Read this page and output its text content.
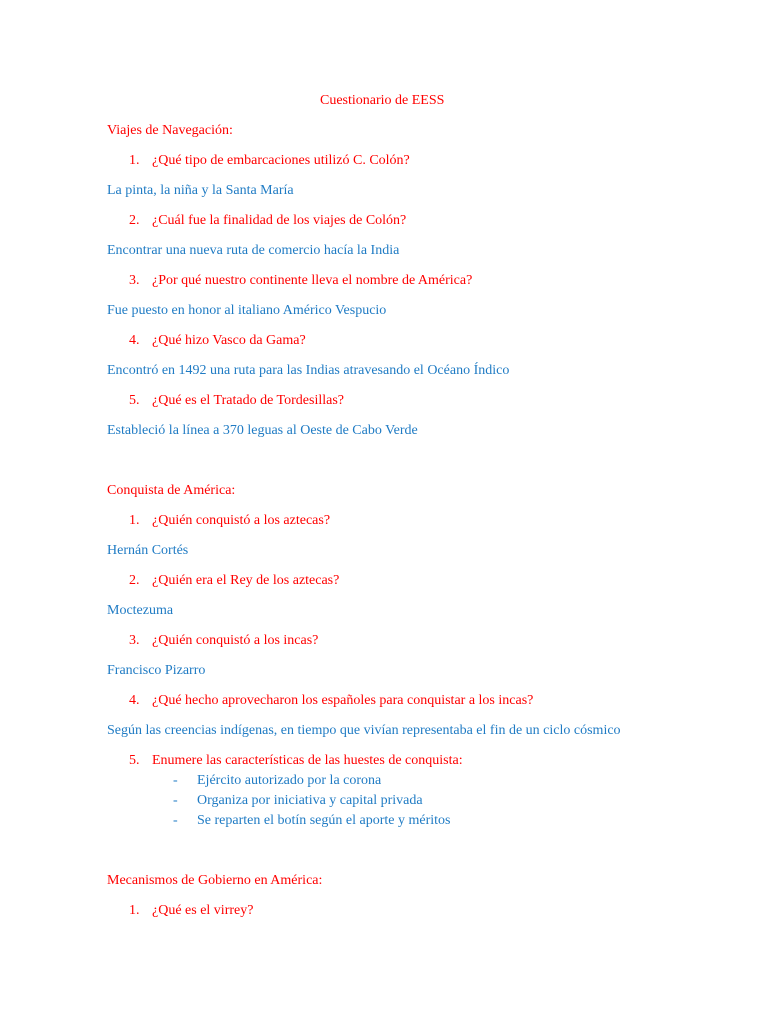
Cuestionario de EESS
Viajes de Navegación:
1. ¿Qué tipo de embarcaciones utilizó C. Colón?
La pinta, la niña y la Santa María
2. ¿Cuál fue la finalidad de los viajes de Colón?
Encontrar una nueva ruta de comercio hacía la India
3. ¿Por qué nuestro continente lleva el nombre de América?
Fue puesto en honor al italiano Américo Vespucio
4. ¿Qué hizo Vasco da Gama?
Encontró en 1492 una ruta para las Indias atravesando el Océano Índico
5. ¿Qué es el Tratado de Tordesillas?
Estableció la línea a 370 leguas al Oeste de Cabo Verde
Conquista de América:
1. ¿Quién conquistó a los aztecas?
Hernán Cortés
2. ¿Quién era el Rey de los aztecas?
Moctezuma
3. ¿Quién conquistó a los incas?
Francisco Pizarro
4. ¿Qué hecho aprovecharon los españoles para conquistar a los incas?
Según las creencias indígenas, en tiempo que vivían representaba el fin de un ciclo cósmico
5. Enumere las características de las huestes de conquista:
- Ejército autorizado por la corona
- Organiza por iniciativa y capital privada
- Se reparten el botín según el aporte y méritos
Mecanismos de Gobierno en América:
1. ¿Qué es el virrey?
